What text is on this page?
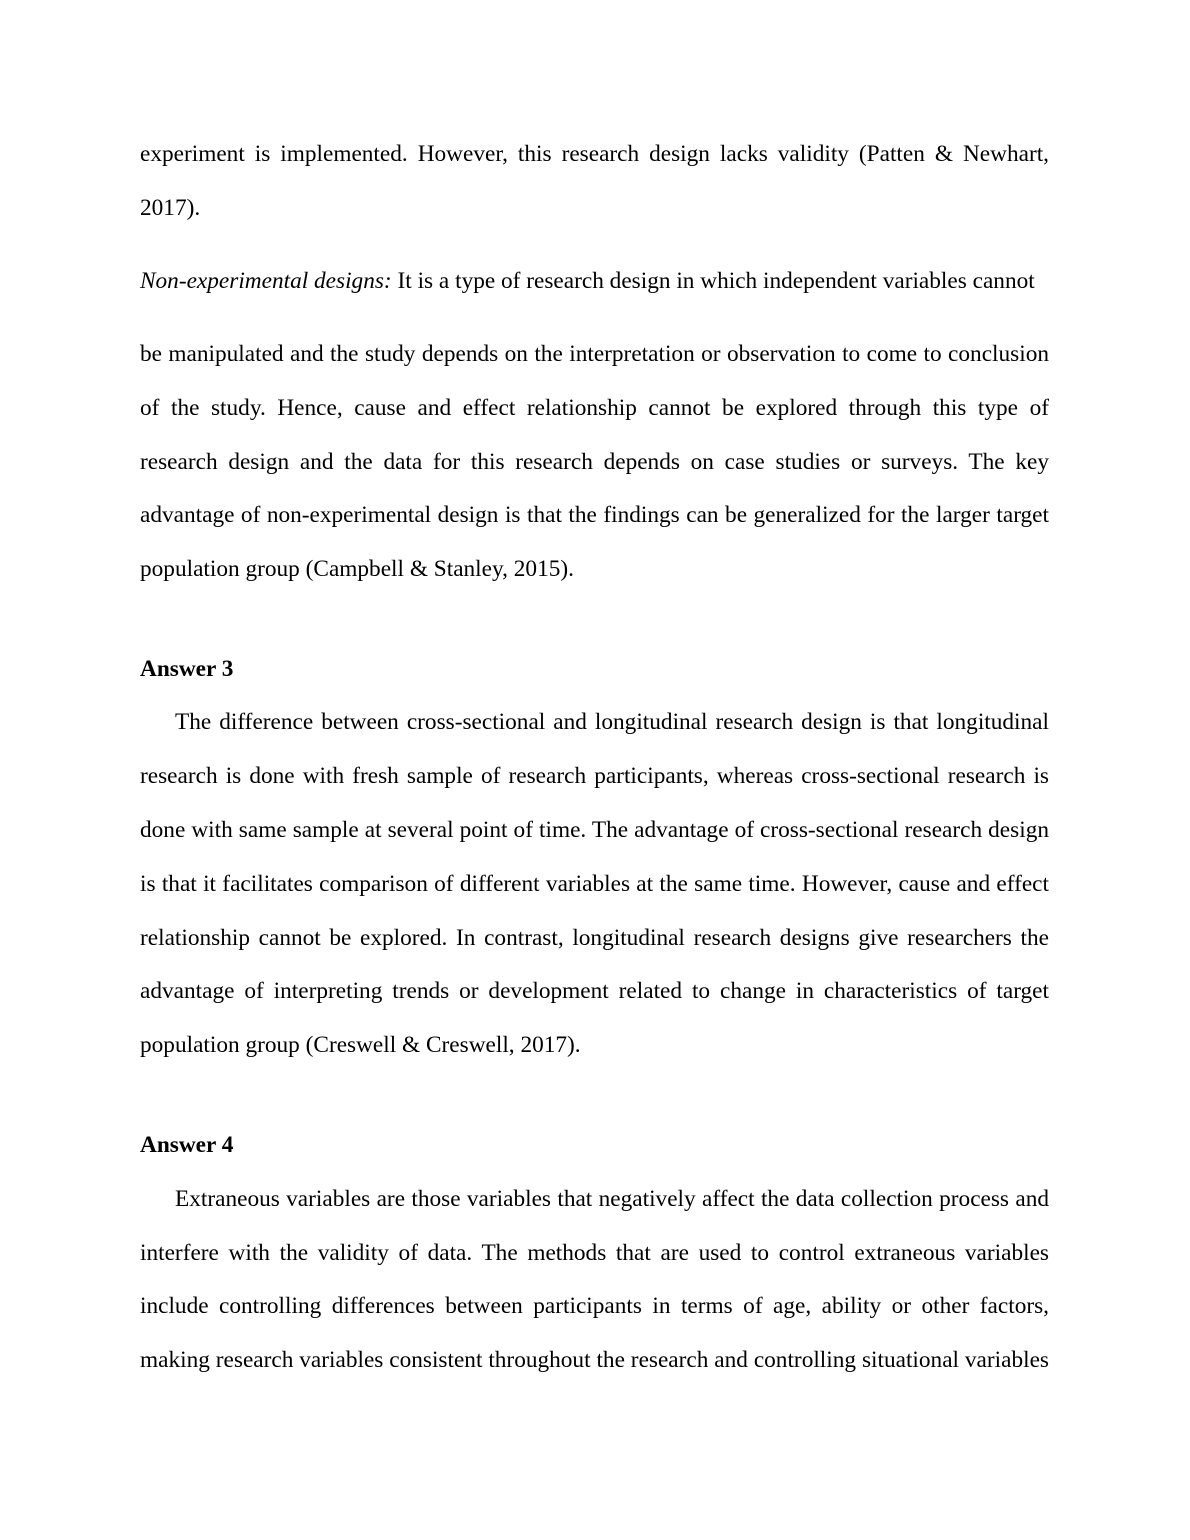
experiment is implemented. However, this research design lacks validity (Patten & Newhart,
2017).
Non-experimental designs: It is a type of research design in which independent variables cannot
be manipulated and the study depends on the interpretation or observation to come to conclusion
of the study. Hence, cause and effect relationship cannot be explored through this type of
research design and the data for this research depends on case studies or surveys. The key
advantage of non-experimental design is that the findings can be generalized for the larger target
population group (Campbell & Stanley, 2015).
Answer 3
The difference between cross-sectional and longitudinal research design is that longitudinal
research is done with fresh sample of research participants, whereas cross-sectional research is
done with same sample at several point of time. The advantage of cross-sectional research design
is that it facilitates comparison of different variables at the same time. However, cause and effect
relationship cannot be explored. In contrast, longitudinal research designs give researchers the
advantage of interpreting trends or development related to change in characteristics of target
population group (Creswell & Creswell, 2017).
Answer 4
Extraneous variables are those variables that negatively affect the data collection process and
interfere with the validity of data. The methods that are used to control extraneous variables
include controlling differences between participants in terms of age, ability or other factors,
making research variables consistent throughout the research and controlling situational variables
